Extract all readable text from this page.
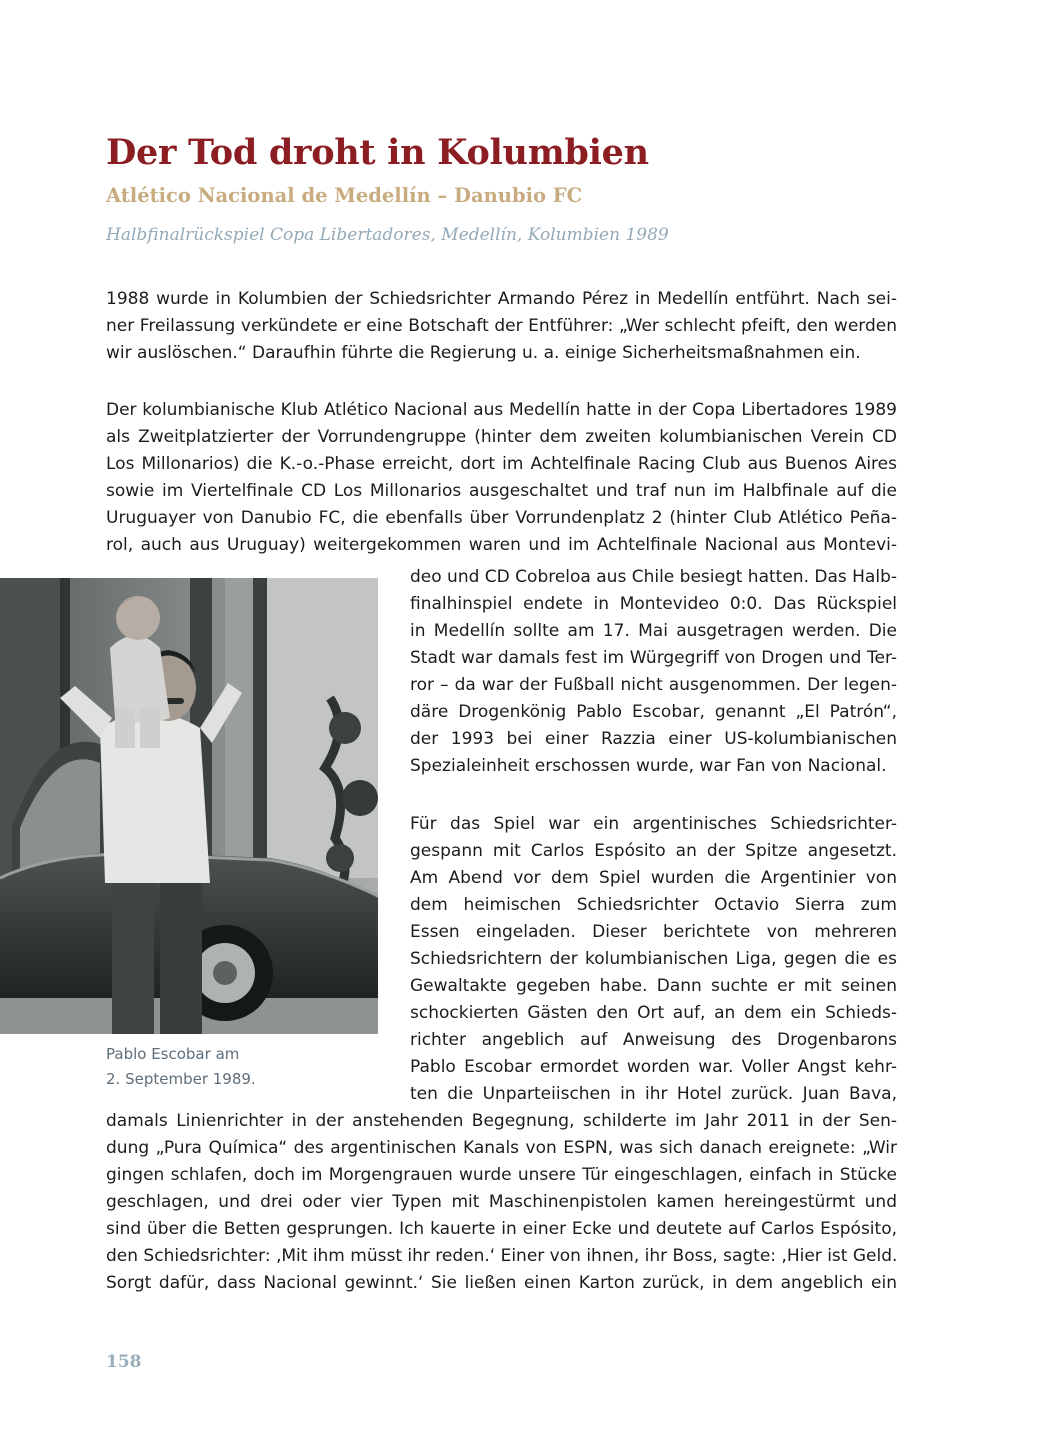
Der Tod droht in Kolumbien
Atlético Nacional de Medellín – Danubio FC

Halbfinalrückspiel Copa Libertadores, Medellín, Kolumbien 1989

1988 wurde in Kolumbien der Schiedsrichter Armando Pérez in Medellín entführt. Nach sei-

ner Freilassung verkündete er eine Botschaft der Entführer: „Wer schlecht pfeift, den werden

wir auslöschen.“ Daraufhin führte die Regierung u. a. einige Sicherheitsmaßnahmen ein.

Der kolumbianische Klub Atlético Nacional aus Medellín hatte in der Copa Libertadores 1989

als Zweitplatzierter der Vorrundengruppe (hinter dem zweiten kolumbianischen Verein CD

Los Millonarios) die K.-o.-Phase erreicht, dort im Achtelfinale Racing Club aus Buenos Aires

sowie im Viertelfinale CD Los Millonarios ausgeschaltet und traf nun im Halbfinale auf die

Uruguayer von Danubio FC, die ebenfalls über Vorrundenplatz 2 (hinter Club Atlético Peña-

rol, auch aus Uruguay) weitergekommen waren und im Achtelfinale Nacional aus Montevi-

deo und CD Cobreloa aus Chile besiegt hatten. Das Halb-

finalhinspiel endete in Montevideo 0:0. Das Rückspiel

in Medellín sollte am 17. Mai ausgetragen werden. Die

Stadt war damals fest im Würgegriff von Drogen und Ter-

ror – da war der Fußball nicht ausgenommen. Der legen-

däre Drogenkönig Pablo Escobar, genannt „El Patrón“,

der 1993 bei einer Razzia einer US-kolumbianischen

Spezialeinheit erschossen wurde, war Fan von Nacional.

Für das Spiel war ein argentinisches Schiedsrichter-

gespann mit Carlos Espósito an der Spitze angesetzt.

Am Abend vor dem Spiel wurden die Argentinier von

dem heimischen Schiedsrichter Octavio Sierra zum

Essen eingeladen. Dieser berichtete von mehreren

Schiedsrichtern der kolumbianischen Liga, gegen die es

Gewaltakte gegeben habe. Dann suchte er mit seinen

schockierten Gästen den Ort auf, an dem ein Schieds-

richter angeblich auf Anweisung des Drogenbarons

Pablo Escobar ermordet worden war. Voller Angst kehr-

ten die Unparteiischen in ihr Hotel zurück. Juan Bava,

damals Linienrichter in der anstehenden Begegnung, schilderte im Jahr 2011 in der Sen-

dung „Pura Química“ des argentinischen Kanals von ESPN, was sich danach ereignete: „Wir

gingen schlafen, doch im Morgengrauen wurde unsere Tür eingeschlagen, einfach in Stücke

geschlagen, und drei oder vier Typen mit Maschinenpistolen kamen hereingestürmt und

sind über die Betten gesprungen. Ich kauerte in einer Ecke und deutete auf Carlos Espósito,

den Schiedsrichter: ‚Mit ihm müsst ihr reden.‘ Einer von ihnen, ihr Boss, sagte: ‚Hier ist Geld.

Sorgt dafür, dass Nacional gewinnt.‘ Sie ließen einen Karton zurück, in dem angeblich ein

Pablo Escobar am

2. September 1989.

158
